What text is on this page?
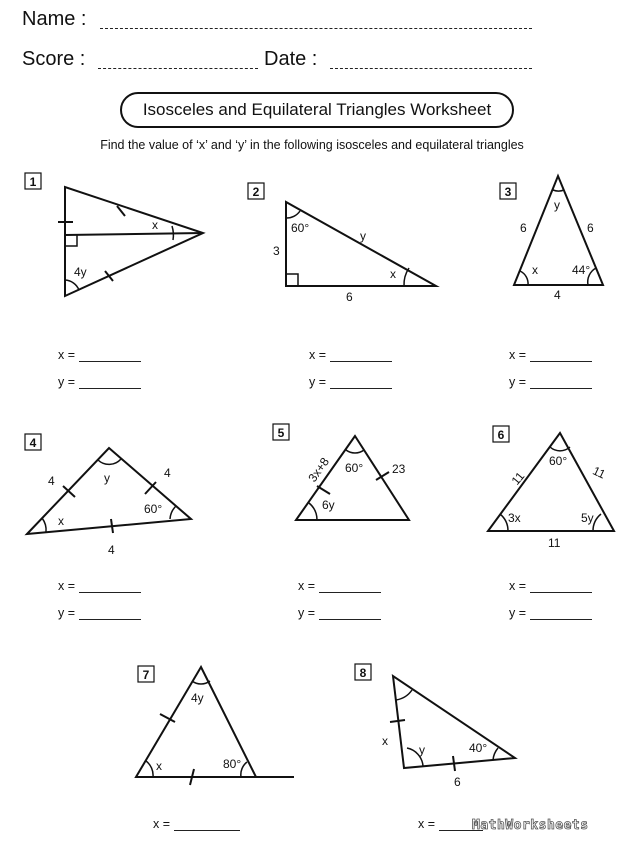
Name :
Score :	Date :
Isosceles and Equilateral Triangles Worksheet
Find the value of ‘x’ and ‘y’ in the following isosceles and equilateral triangles
1
2	3
4
5	6
7	8
x
4y
60°
3
6
y
x
y
6	6
x	44°
4
4
4
y
x
60°
4
3x+8	23
60°
6y
11	11
60°
3x	5y
11
4y
x	80°
x
y	40°
6
x =
y =
x =
y =
x =
y =
x =
y =
x =
y =
x =
y =
x =	x =	MathWorksheets
